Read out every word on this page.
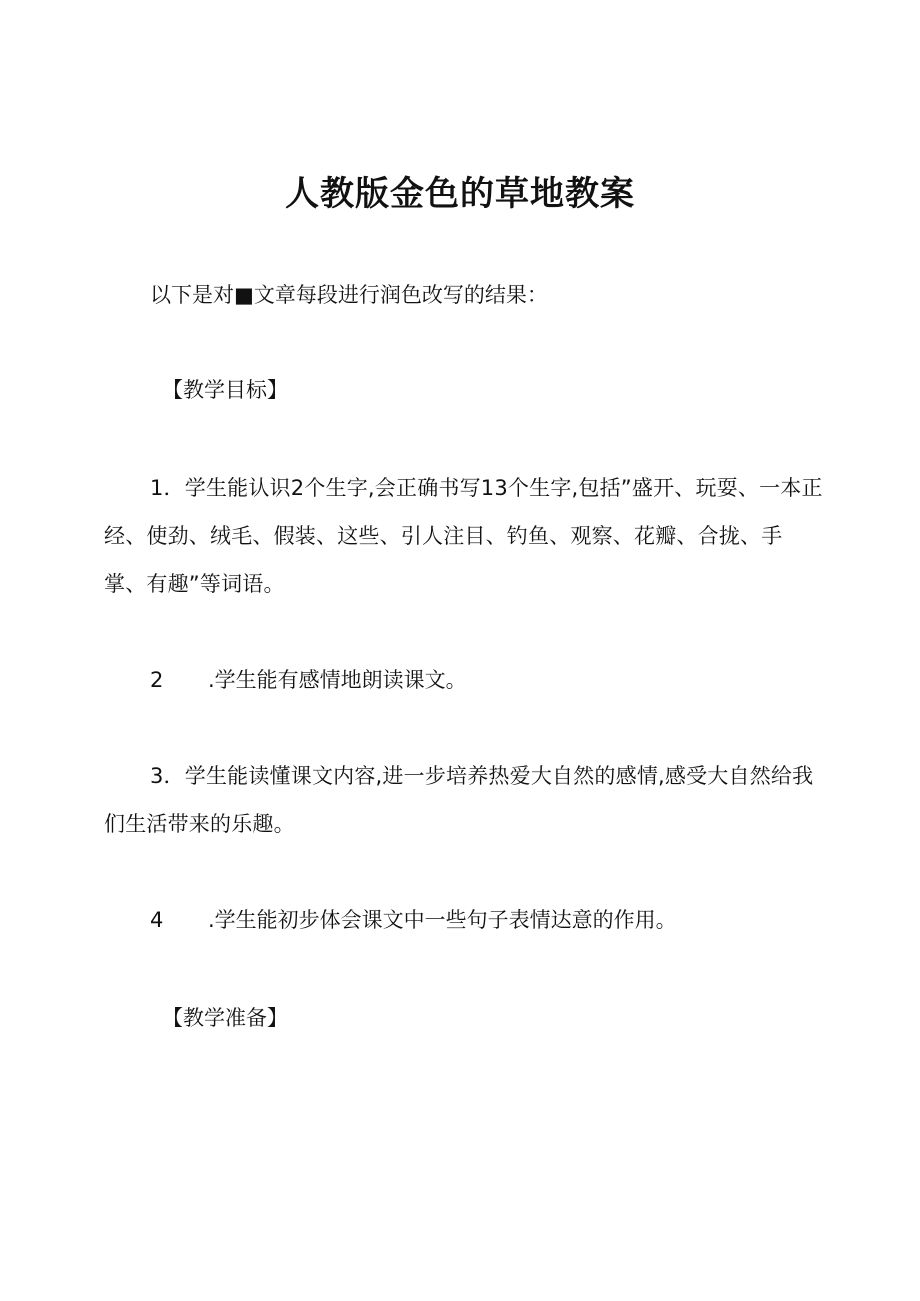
人教版金色的草地教案

以下是对■文章每段进行润色改写的结果：

【教学目标】

1．学生能认识2个生字,会正确书写13个生字,包括”盛开、玩耍、一本正经、使劲、绒毛、假装、这些、引人注目、钓鱼、观察、花瓣、合拢、手掌、有趣”等词语。

2 .学生能有感情地朗读课文。

3．学生能读懂课文内容,进一步培养热爱大自然的感情,感受大自然给我们生活带来的乐趣。

4 .学生能初步体会课文中一些句子表情达意的作用。

【教学准备】
